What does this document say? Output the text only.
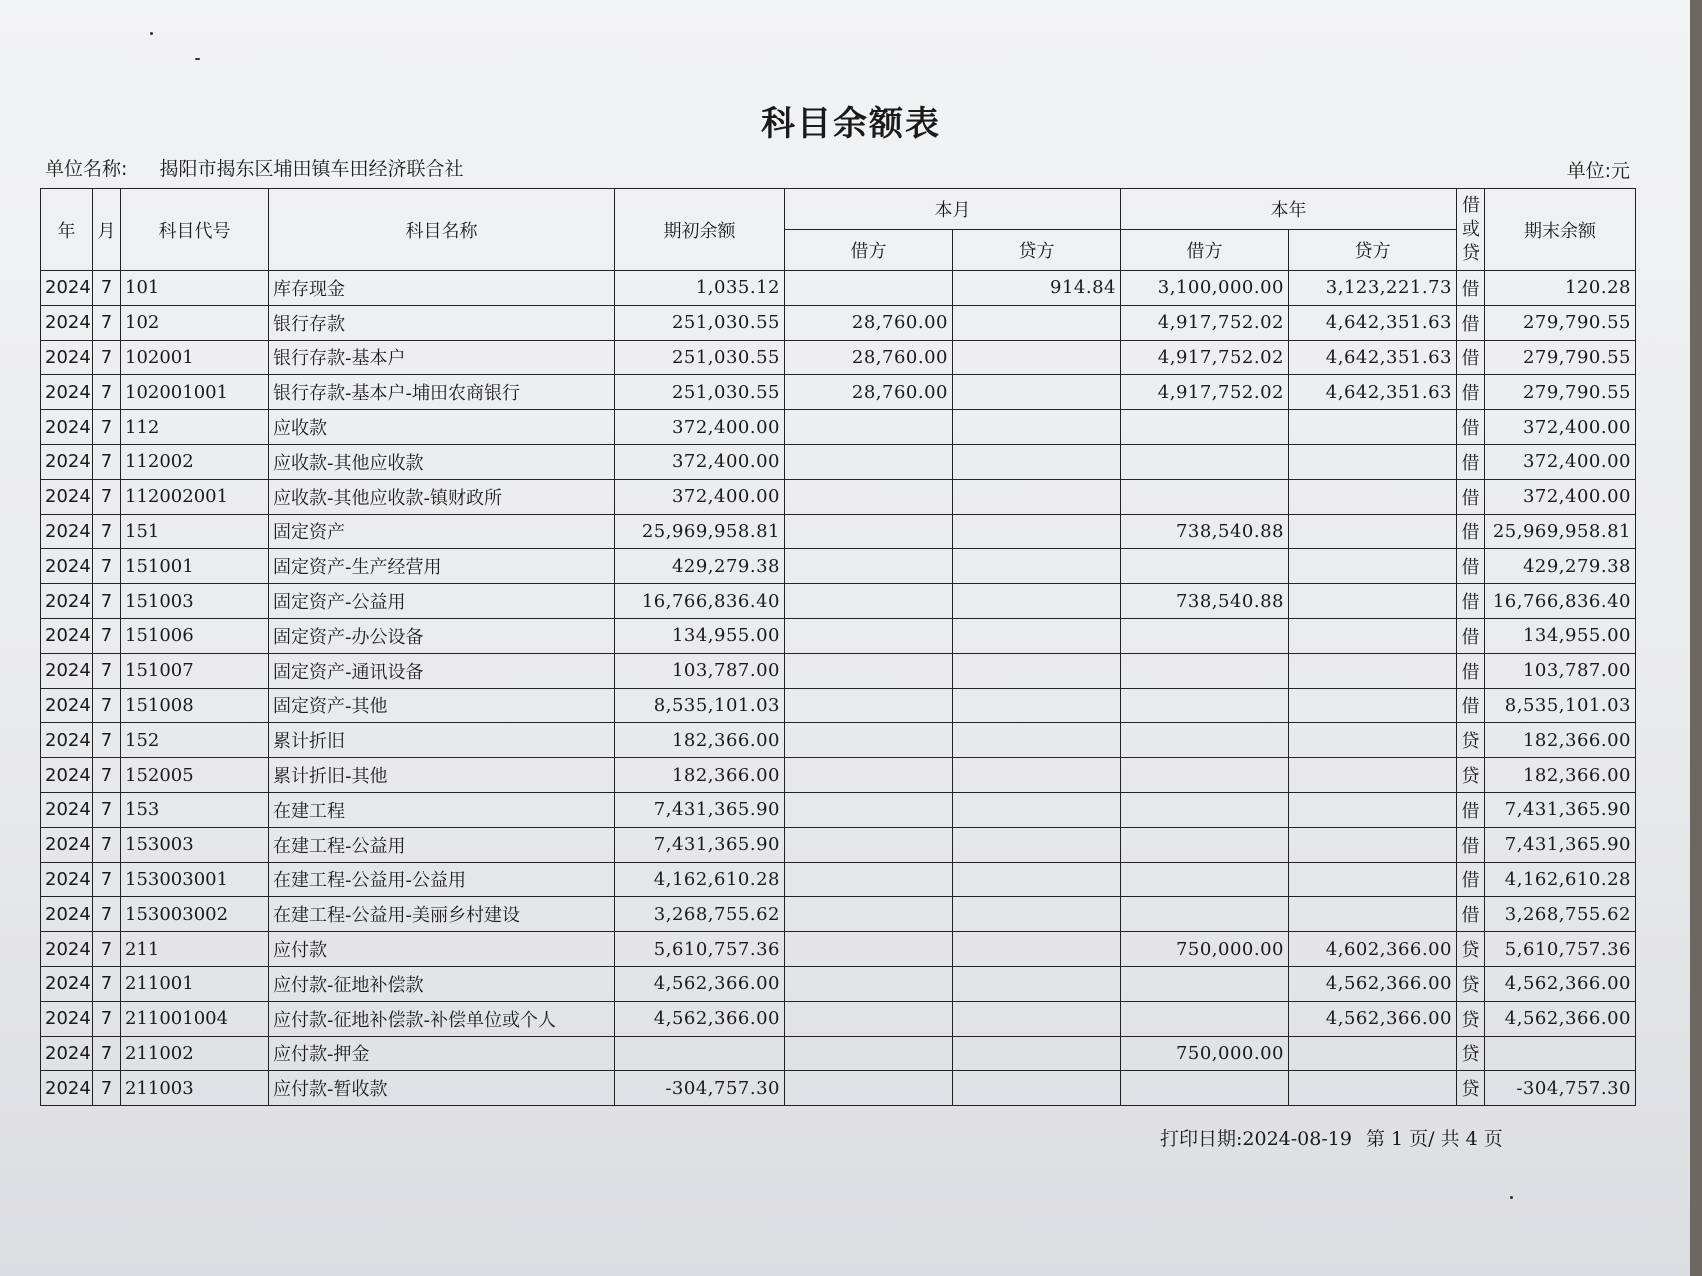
科目余额表
单位名称: 揭阳市揭东区埔田镇车田经济联合社	单位:元
年	月	科目代号	科目名称	期初余额	本月		本年		借或贷	期末余额
					借方	贷方	借方	贷方		
2024	7	101	库存现金	1,035.12		914.84	3,100,000.00	3,123,221.73	借	120.28
2024	7	102	银行存款	251,030.55	28,760.00		4,917,752.02	4,642,351.63	借	279,790.55
2024	7	102001	银行存款-基本户	251,030.55	28,760.00		4,917,752.02	4,642,351.63	借	279,790.55
2024	7	102001001	银行存款-基本户-埔田农商银行	251,030.55	28,760.00		4,917,752.02	4,642,351.63	借	279,790.55
2024	7	112	应收款	372,400.00					借	372,400.00
2024	7	112002	应收款-其他应收款	372,400.00					借	372,400.00
2024	7	112002001	应收款-其他应收款-镇财政所	372,400.00					借	372,400.00
2024	7	151	固定资产	25,969,958.81			738,540.88		借	25,969,958.81
2024	7	151001	固定资产-生产经营用	429,279.38					借	429,279.38
2024	7	151003	固定资产-公益用	16,766,836.40			738,540.88		借	16,766,836.40
2024	7	151006	固定资产-办公设备	134,955.00					借	134,955.00
2024	7	151007	固定资产-通讯设备	103,787.00					借	103,787.00
2024	7	151008	固定资产-其他	8,535,101.03					借	8,535,101.03
2024	7	152	累计折旧	182,366.00					贷	182,366.00
2024	7	152005	累计折旧-其他	182,366.00					贷	182,366.00
2024	7	153	在建工程	7,431,365.90					借	7,431,365.90
2024	7	153003	在建工程-公益用	7,431,365.90					借	7,431,365.90
2024	7	153003001	在建工程-公益用-公益用	4,162,610.28					借	4,162,610.28
2024	7	153003002	在建工程-公益用-美丽乡村建设	3,268,755.62					借	3,268,755.62
2024	7	211	应付款	5,610,757.36			750,000.00	4,602,366.00	贷	5,610,757.36
2024	7	211001	应付款-征地补偿款	4,562,366.00				4,562,366.00	贷	4,562,366.00
2024	7	211001004	应付款-征地补偿款-补偿单位或个人	4,562,366.00				4,562,366.00	贷	4,562,366.00
2024	7	211002	应付款-押金				750,000.00		贷	
2024	7	211003	应付款-暂收款	-304,757.30					贷	-304,757.30
打印日期:2024-08-19 第 1 页/ 共 4 页
